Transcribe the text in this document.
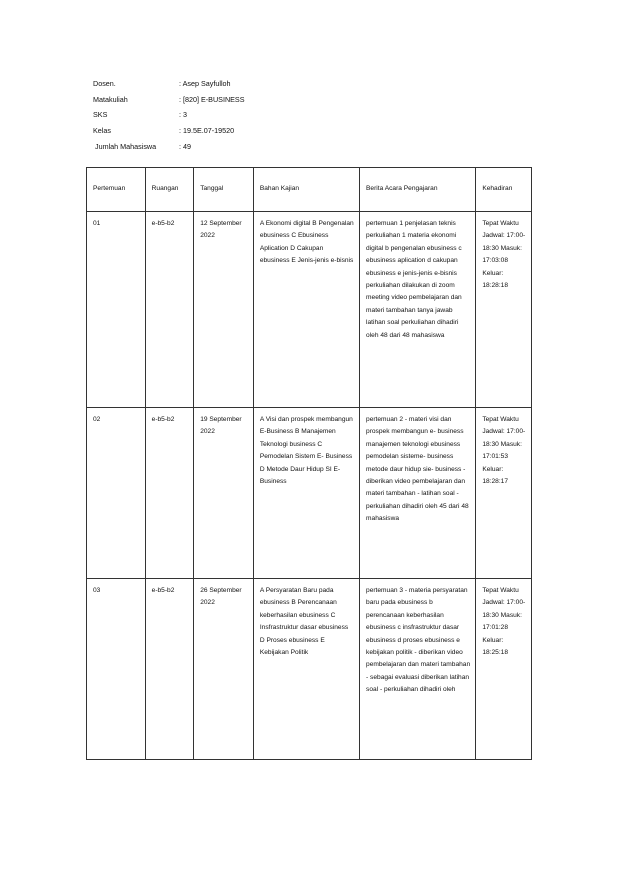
Dosen.	: Asep Sayfulloh
Matakuliah	: [820] E-BUSINESS
SKS	: 3
Kelas	: 19.5E.07-19520
Jumlah Mahasiswa	: 49
Pertemuan	Ruangan	Tanggal	Bahan Kajian	Berita Acara Pengajaran	Kehadiran
01	e-b5-b2	12 September 2022	A Ekonomi digital B Pengenalan ebusiness C Ebusiness Aplication D Cakupan ebusiness E Jenis-jenis e-bisnis	pertemuan 1 penjelasan teknis perkuliahan 1 materia ekonomi digital b pengenalan ebusiness c ebusiness aplication d cakupan ebusiness e jenis-jenis e-bisnis perkuliahan dilakukan di zoom meeting video pembelajaran dan materi tambahan tanya jawab latihan soal perkuliahan dihadiri oleh 48 dari 48 mahasiswa	Tepat Waktu Jadwal: 17:00-18:30 Masuk: 17:03:08 Keluar: 18:28:18
02	e-b5-b2	19 September 2022	A Visi dan prospek membangun E-Business B Manajemen Teknologi business C Pemodelan Sistem E- Business D Metode Daur Hidup SI E-Business	pertemuan 2 - materi visi dan prospek membangun e- business manajemen teknologi ebusiness pemodelan sisteme- business metode daur hidup sie- business - diberikan video pembelajaran dan materi tambahan - latihan soal - perkuliahan dihadiri oleh 45 dari 48 mahasiswa	Tepat Waktu Jadwal: 17:00-18:30 Masuk: 17:01:53 Keluar: 18:28:17
03	e-b5-b2	26 September 2022	A Persyaratan Baru pada ebusiness B Perencanaan keberhasilan ebusiness C Insfrastruktur dasar ebusiness D Proses ebusiness E Kebijakan Politik	pertemuan 3 - materia persyaratan baru pada ebusiness b perencanaan keberhasilan ebusiness c insfrastruktur dasar ebusiness d proses ebusiness e kebijakan politik - diberikan video pembelajaran dan materi tambahan - sebagai evaluasi diberikan latihan soal - perkuliahan dihadiri oleh	Tepat Waktu Jadwal: 17:00-18:30 Masuk: 17:01:28 Keluar: 18:25:18
